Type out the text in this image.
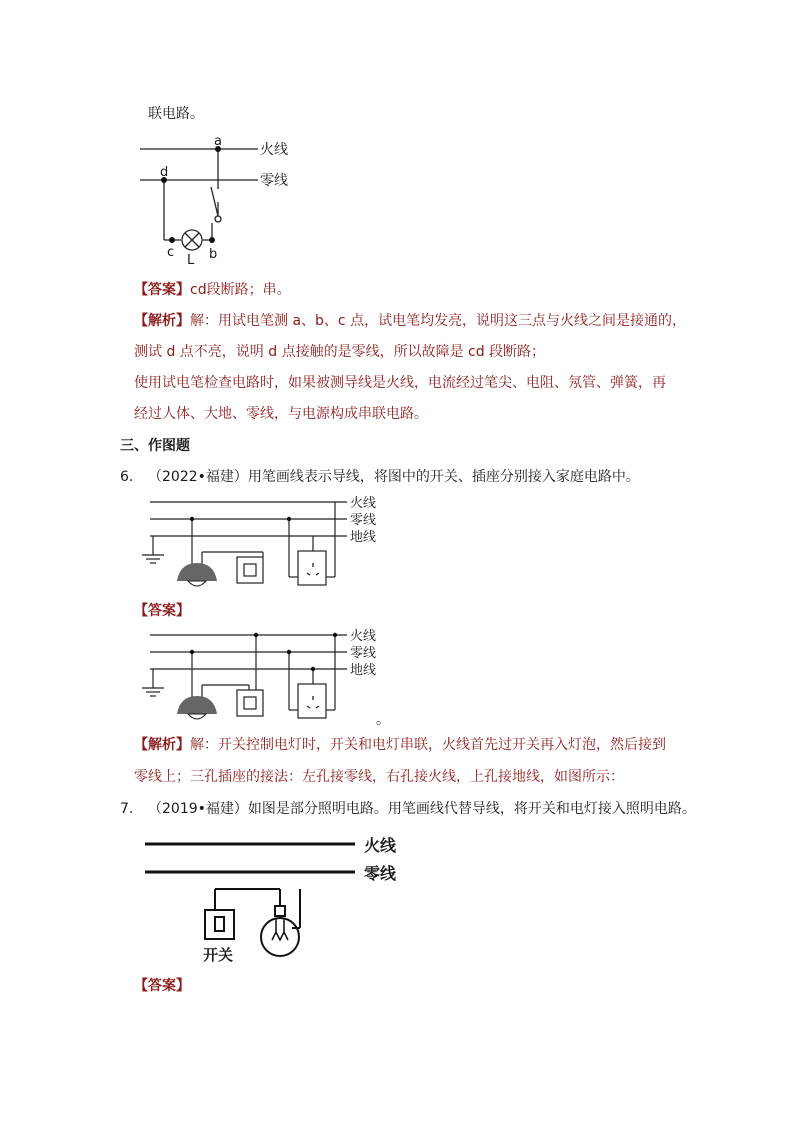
联电路。
a
d
c
L b
火线
零线
【答案】cd段断路；串。
【解析】解：用试电笔测 a、b、c 点，试电笔均发亮，说明这三点与火线之间是接通的，
测试 d 点不亮，说明 d 点接触的是零线，所以故障是 cd 段断路；
使用试电笔检查电路时，如果被测导线是火线，电流经过笔尖、电阻、氖管、弹簧，再
经过人体、大地、零线，与电源构成串联电路。
三、作图题
6. （2022•福建）用笔画线表示导线，将图中的开关、插座分别接入家庭电路中。
火线
零线
地线
【答案】
火线
零线
地线
。
【解析】解：开关控制电灯时，开关和电灯串联，火线首先过开关再入灯泡，然后接到
零线上；三孔插座的接法：左孔接零线，右孔接火线，上孔接地线，如图所示：
7. （2019•福建）如图是部分照明电路。用笔画线代替导线，将开关和电灯接入照明电路。
火线
零线
开关
【答案】
